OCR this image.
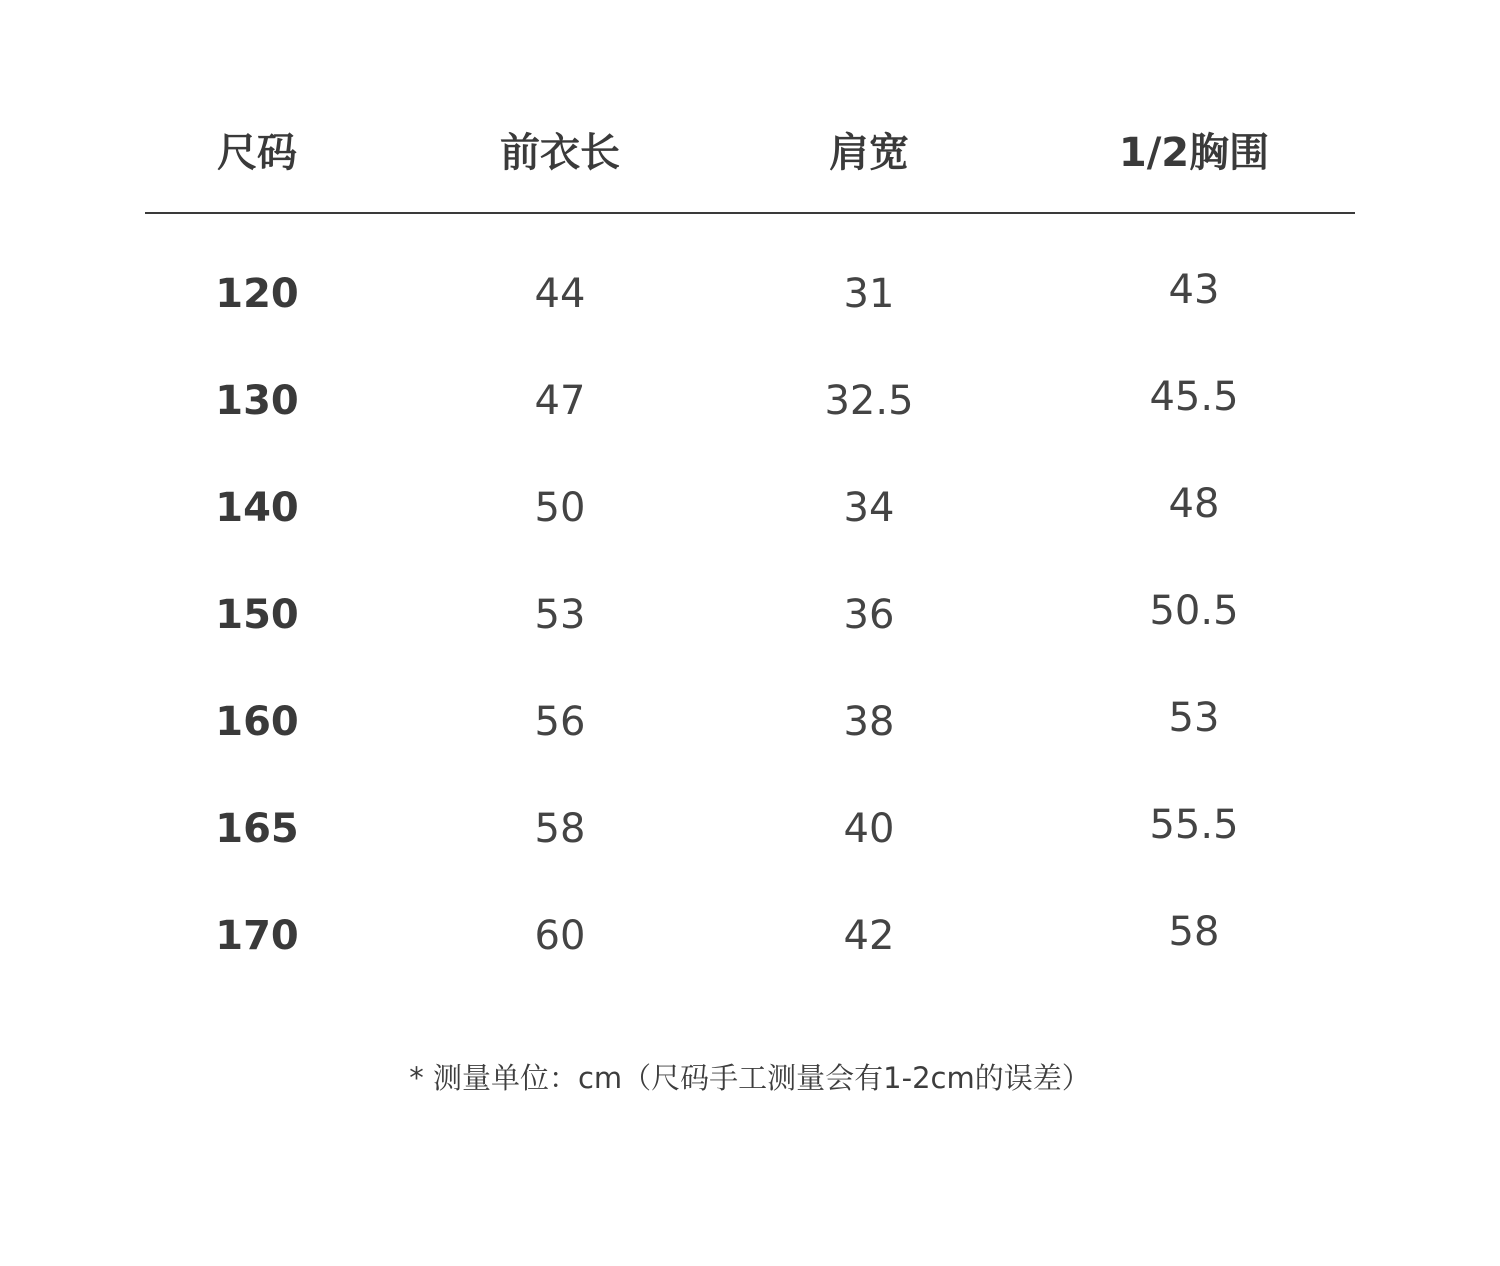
尺码	前衣长	肩宽	1/2胸围
120	44	31	43
130	47	32.5	45.5
140	50	34	48
150	53	36	50.5
160	56	38	53
165	58	40	55.5
170	60	42	58
* 测量单位：cm（尺码手工测量会有1-2cm的误差）
